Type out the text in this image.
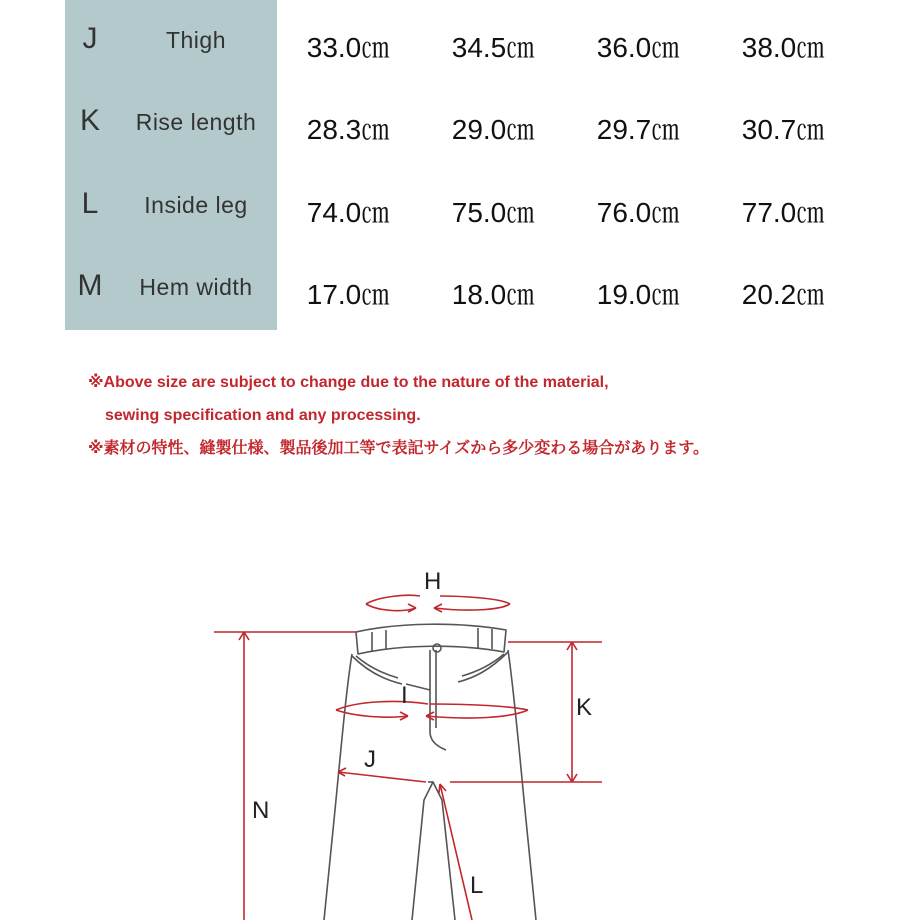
J	Thigh	33.0㎝	34.5㎝	36.0㎝	38.0㎝
K	Rise length	28.3㎝	29.0㎝	29.7㎝	30.7㎝
L	Inside leg	74.0㎝	75.0㎝	76.0㎝	77.0㎝
M	Hem width	17.0㎝	18.0㎝	19.0㎝	20.2㎝
※Above size are subject to change due to the nature of the material,
sewing specification and any processing.
※素材の特性、縫製仕様、製品後加工等で表記サイズから多少変わる場合があります。
H
I
J
K
N
L
